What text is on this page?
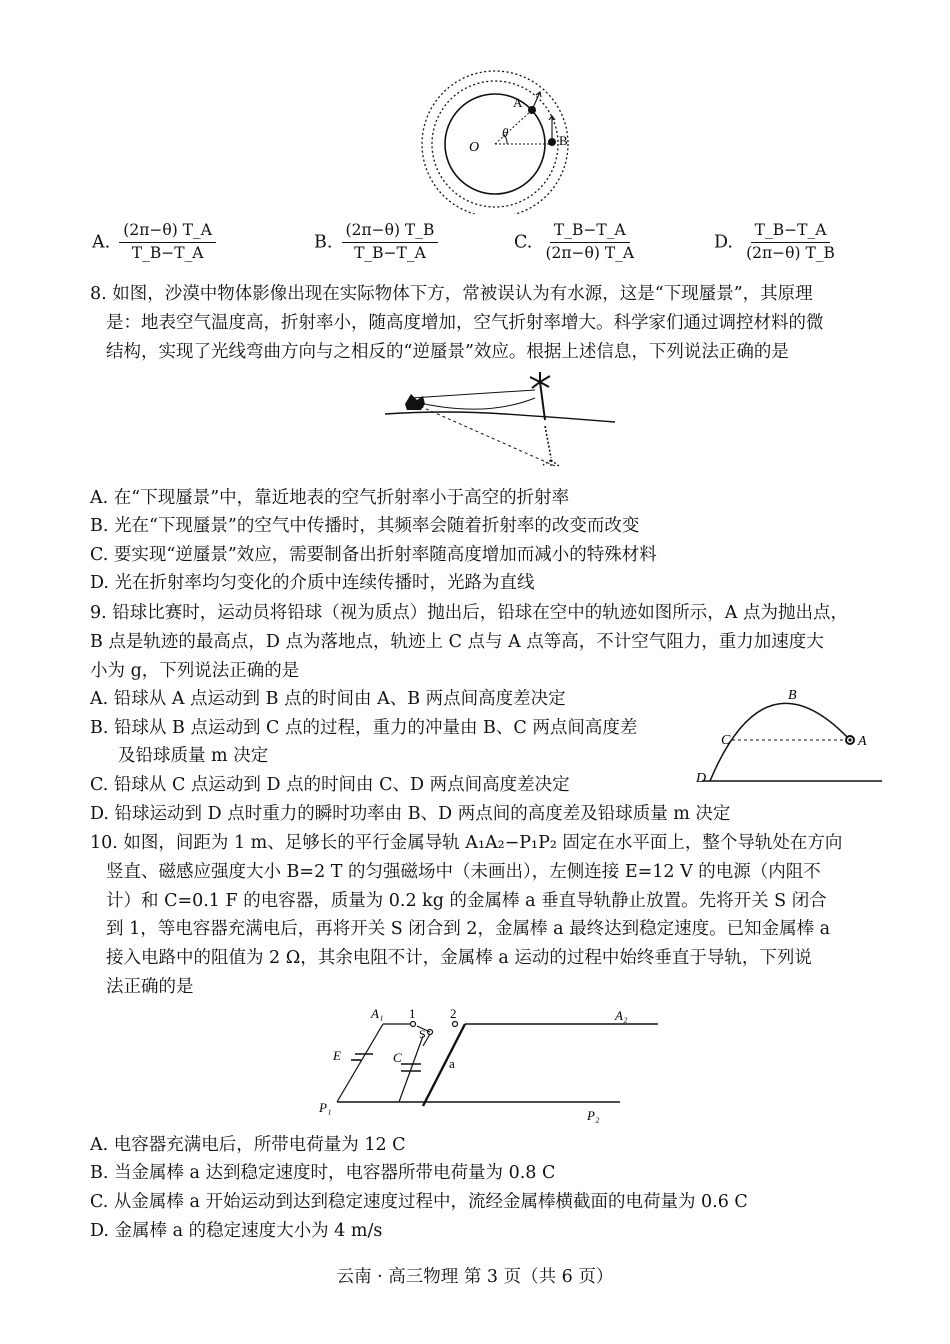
O
θ
A
B
A. $\frac{(2\pi-\theta) T\_A}{T\_B-T\_A}$	B. $\frac{(2\pi-\theta) T\_B}{T\_B-T\_A}$	C. $\frac{T\_B-T\_A}{(2\pi-\theta) T\_A}$	D. $\frac{T\_B-T\_A}{(2\pi-\theta) T\_B}$
8. 如图，沙漠中物体影像出现在实际物体下方，常被误认为有水源，这是“下现蜃景”，其原理
是：地表空气温度高，折射率小，随高度增加，空气折射率增大。科学家们通过调控材料的微
结构，实现了光线弯曲方向与之相反的“逆蜃景”效应。根据上述信息，下列说法正确的是
A. 在“下现蜃景”中，靠近地表的空气折射率小于高空的折射率
B. 光在“下现蜃景”的空气中传播时，其频率会随着折射率的改变而改变
C. 要实现“逆蜃景”效应，需要制备出折射率随高度增加而减小的特殊材料
D. 光在折射率均匀变化的介质中连续传播时，光路为直线
9. 铅球比赛时，运动员将铅球（视为质点）抛出后，铅球在空中的轨迹如图所示，A 点为抛出点，
B 点是轨迹的最高点，D 点为落地点，轨迹上 C 点与 A 点等高，不计空气阻力，重力加速度大
小为 g，下列说法正确的是
A. 铅球从 A 点运动到 B 点的时间由 A、B 两点间高度差决定
B. 铅球从 B 点运动到 C 点的过程，重力的冲量由 B、C 两点间高度差
及铅球质量 m 决定
C. 铅球从 C 点运动到 D 点的时间由 C、D 两点间高度差决定
D. 铅球运动到 D 点时重力的瞬时功率由 B、D 两点间的高度差及铅球质量 m 决定
B
C	A
D
10. 如图，间距为 1 m、足够长的平行金属导轨 A₁A₂−P₁P₂ 固定在水平面上，整个导轨处在方向
竖直、磁感应强度大小 B=2 T 的匀强磁场中（未画出），左侧连接 E=12 V 的电源（内阻不
计）和 C=0.1 F 的电容器，质量为 0.2 kg 的金属棒 a 垂直导轨静止放置。先将开关 S 闭合
到 1，等电容器充满电后，再将开关 S 闭合到 2，金属棒 a 最终达到稳定速度。已知金属棒 a
接入电路中的阻值为 2 Ω，其余电阻不计，金属棒 a 运动的过程中始终垂直于导轨，下列说
法正确的是
A₁ 1	2
S
A₂
E	C	a
P₁
P₂
A. 电容器充满电后，所带电荷量为 12 C
B. 当金属棒 a 达到稳定速度时，电容器所带电荷量为 0.8 C
C. 从金属棒 a 开始运动到达到稳定速度过程中，流经金属棒横截面的电荷量为 0.6 C
D. 金属棒 a 的稳定速度大小为 4 m/s
云南 · 高三物理 第 3 页（共 6 页）
